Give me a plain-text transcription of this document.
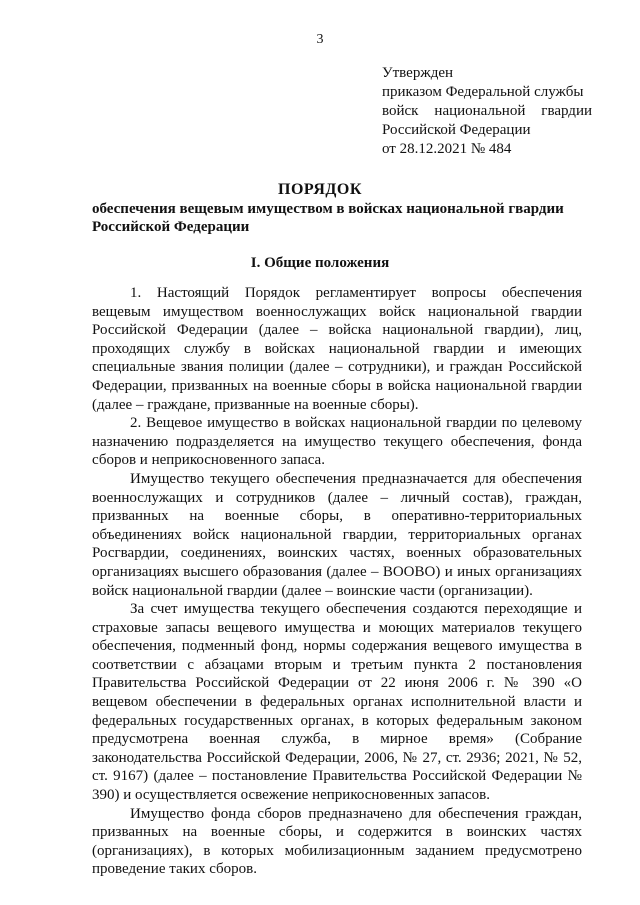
3
Утвержден
приказом Федеральной службы
войск национальной гвардии
Российской Федерации
от 28.12.2021 № 484
ПОРЯДОК
обеспечения вещевым имуществом в войсках национальной гвардии Российской Федерации
I. Общие положения

1. Настоящий Порядок регламентирует вопросы обеспечения вещевым имуществом военнослужащих войск национальной гвардии Российской Федерации (далее – войска национальной гвардии), лиц, проходящих службу в войсках национальной гвардии и имеющих специальные звания полиции (далее – сотрудники), и граждан Российской Федерации, призванных на военные сборы в войска национальной гвардии (далее – граждане, призванные на военные сборы).

2. Вещевое имущество в войсках национальной гвардии по целевому назначению подразделяется на имущество текущего обеспечения, фонда сборов и неприкосновенного запаса.

Имущество текущего обеспечения предназначается для обеспечения военнослужащих и сотрудников (далее – личный состав), граждан, призванных на военные сборы, в оперативно-территориальных объединениях войск национальной гвардии, территориальных органах Росгвардии, соединениях, воинских частях, военных образовательных организациях высшего образования (далее – ВООВО) и иных организациях войск национальной гвардии (далее – воинские части (организации).

За счет имущества текущего обеспечения создаются переходящие и страховые запасы вещевого имущества и моющих материалов текущего обеспечения, подменный фонд, нормы содержания вещевого имущества в соответствии с абзацами вторым и третьим пункта 2 постановления Правительства Российской Федерации от 22 июня 2006 г. № 390 «О вещевом обеспечении в федеральных органах исполнительной власти и федеральных государственных органах, в которых федеральным законом предусмотрена военная служба, в мирное время» (Собрание законодательства Российской Федерации, 2006, № 27, ст. 2936; 2021, № 52, ст. 9167) (далее – постановление Правительства Российской Федерации № 390) и осуществляется освежение неприкосновенных запасов.

Имущество фонда сборов предназначено для обеспечения граждан, призванных на военные сборы, и содержится в воинских частях (организациях), в которых мобилизационным заданием предусмотрено проведение таких сборов.
